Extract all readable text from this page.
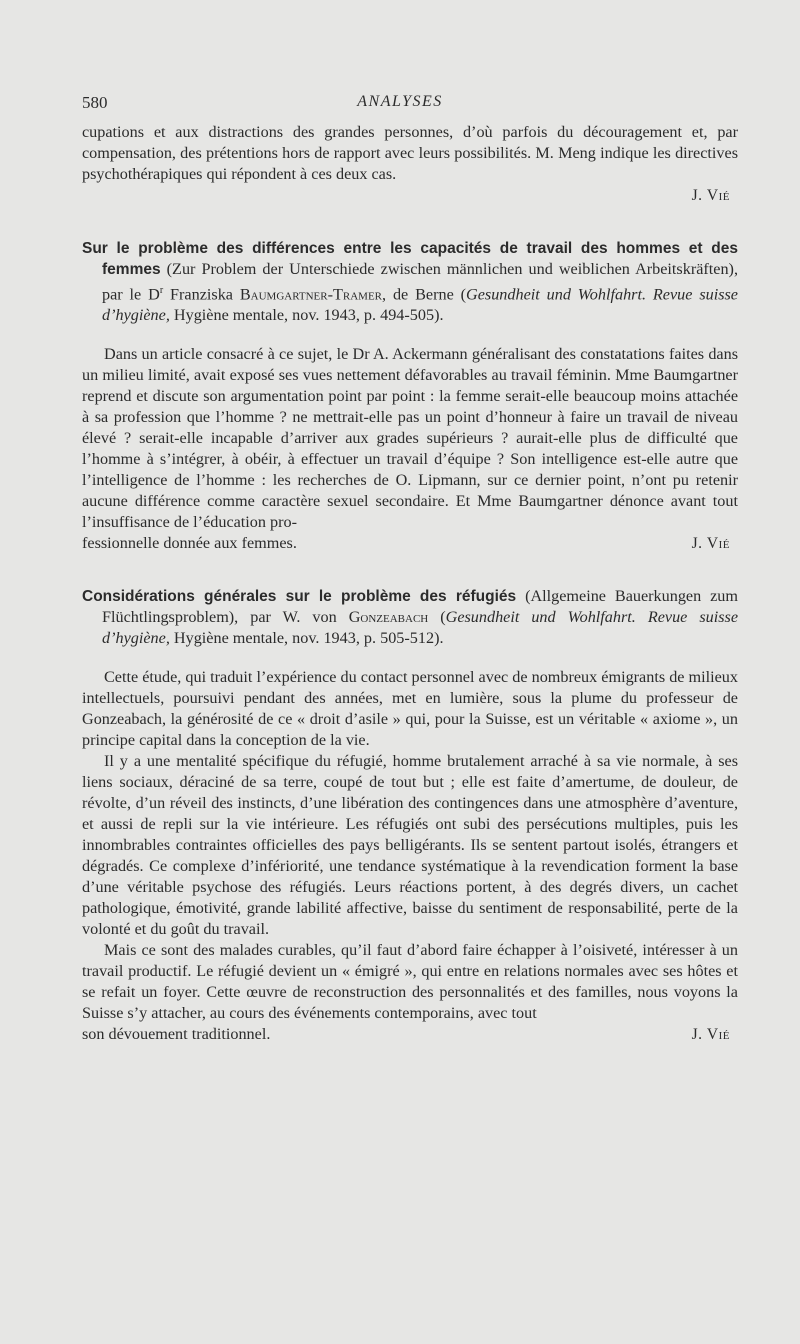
580	ANALYSES

cupations et aux distractions des grandes personnes, d’où parfois du découragement et, par compensation, des prétentions hors de rapport avec leurs possibilités. M. Meng indique les directives psychothérapiques qui répondent à ces deux cas.

J. Vié
Sur le problème des différences entre les capacités de travail des hommes et des femmes (Zur Problem der Unterschiede zwischen männlichen und weiblichen Arbeitskräften), par le $D^r$ Franziska Baumgartner-Tramer, de Berne (Gesundheit und Wohlfahrt. Revue suisse d’hygiène, Hygiène mentale, nov. 1943, p. 494-505).

Dans un article consacré à ce sujet, le Dr A. Ackermann généralisant des constatations faites dans un milieu limité, avait exposé ses vues nettement défavorables au travail féminin. Mme Baumgartner reprend et discute son argumentation point par point : la femme serait-elle beaucoup moins attachée à sa profession que l’homme ? ne mettrait-elle pas un point d’honneur à faire un travail de niveau élevé ? serait-elle incapable d’arriver aux grades supérieurs ? aurait-elle plus de difficulté que l’homme à s’intégrer, à obéir, à effectuer un travail d’équipe ? Son intelligence est-elle autre que l’intelligence de l’homme : les recherches de O. Lipmann, sur ce dernier point, n’ont pu retenir aucune différence comme caractère sexuel secondaire. Et Mme Baumgartner dénonce avant tout l’insuffisance de l’éducation pro-

fessionnelle donnée aux femmes.	J. Vié
Considérations générales sur le problème des réfugiés (Allgemeine Bauerkungen zum Flüchtlingsproblem), par W. von Gonzeabach (Gesundheit und Wohlfahrt. Revue suisse d’hygiène, Hygiène mentale, nov. 1943, p. 505-512).

Cette étude, qui traduit l’expérience du contact personnel avec de nombreux émigrants de milieux intellectuels, poursuivi pendant des années, met en lumière, sous la plume du professeur de Gonzeabach, la générosité de ce « droit d’asile » qui, pour la Suisse, est un véritable « axiome », un principe capital dans la conception de la vie.

Il y a une mentalité spécifique du réfugié, homme brutalement arraché à sa vie normale, à ses liens sociaux, déraciné de sa terre, coupé de tout but ; elle est faite d’amertume, de douleur, de révolte, d’un réveil des instincts, d’une libération des contingences dans une atmosphère d’aventure, et aussi de repli sur la vie intérieure. Les réfugiés ont subi des persécutions multiples, puis les innombrables contraintes officielles des pays belligérants. Ils se sentent partout isolés, étrangers et dégradés. Ce complexe d’infériorité, une tendance systématique à la revendication forment la base d’une véritable psychose des réfugiés. Leurs réactions portent, à des degrés divers, un cachet pathologique, émotivité, grande labilité affective, baisse du sentiment de responsabilité, perte de la volonté et du goût du travail.

Mais ce sont des malades curables, qu’il faut d’abord faire échapper à l’oisiveté, intéresser à un travail productif. Le réfugié devient un « émigré », qui entre en relations normales avec ses hôtes et se refait un foyer. Cette œuvre de reconstruction des personnalités et des familles, nous voyons la Suisse s’y attacher, au cours des événements contemporains, avec tout

son dévouement traditionnel.	J. Vié
